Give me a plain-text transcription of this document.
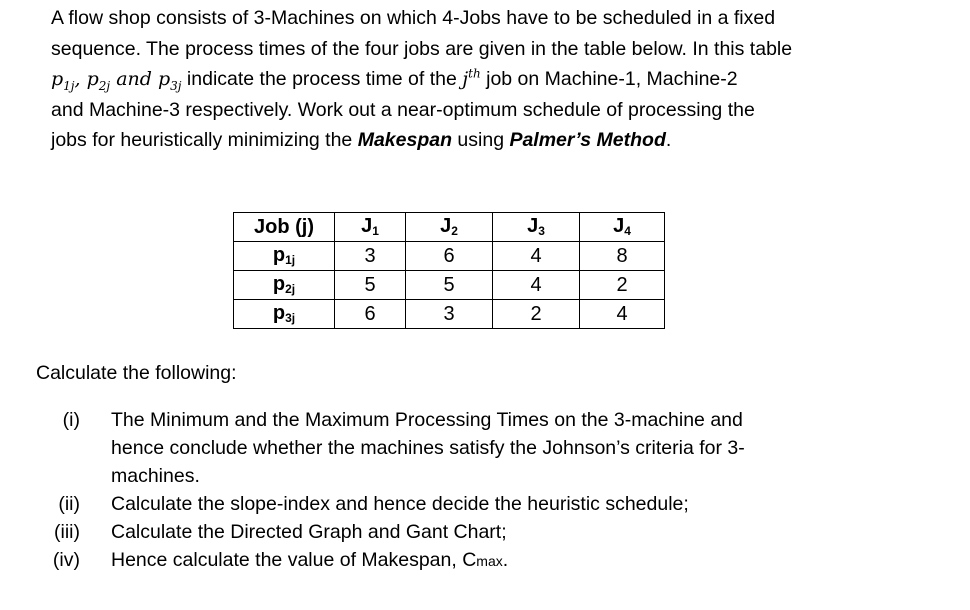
A flow shop consists of 3-Machines on which 4-Jobs have to be scheduled in a fixed
sequence. The process times of the four jobs are given in the table below. In this table
$p_{1j}$, $p_{2j}$ and $p_{3j}$ indicate the process time of the $j^{th}$ job on Machine-1, Machine-2
and Machine-3 respectively. Work out a near-optimum schedule of processing the
jobs for heuristically minimizing the Makespan using Palmer’s Method.
Job (j)	J1	J2	J3	J4
p1j	3	6	4	8
p2j	5	5	4	2
p3j	6	3	2	4
Calculate the following:
(i) The Minimum and the Maximum Processing Times on the 3-machine and
hence conclude whether the machines satisfy the Johnson’s criteria for 3-
machines.
(ii) Calculate the slope-index and hence decide the heuristic schedule;
(iii) Calculate the Directed Graph and Gant Chart;
(iv) Hence calculate the value of Makespan, Cmax.
